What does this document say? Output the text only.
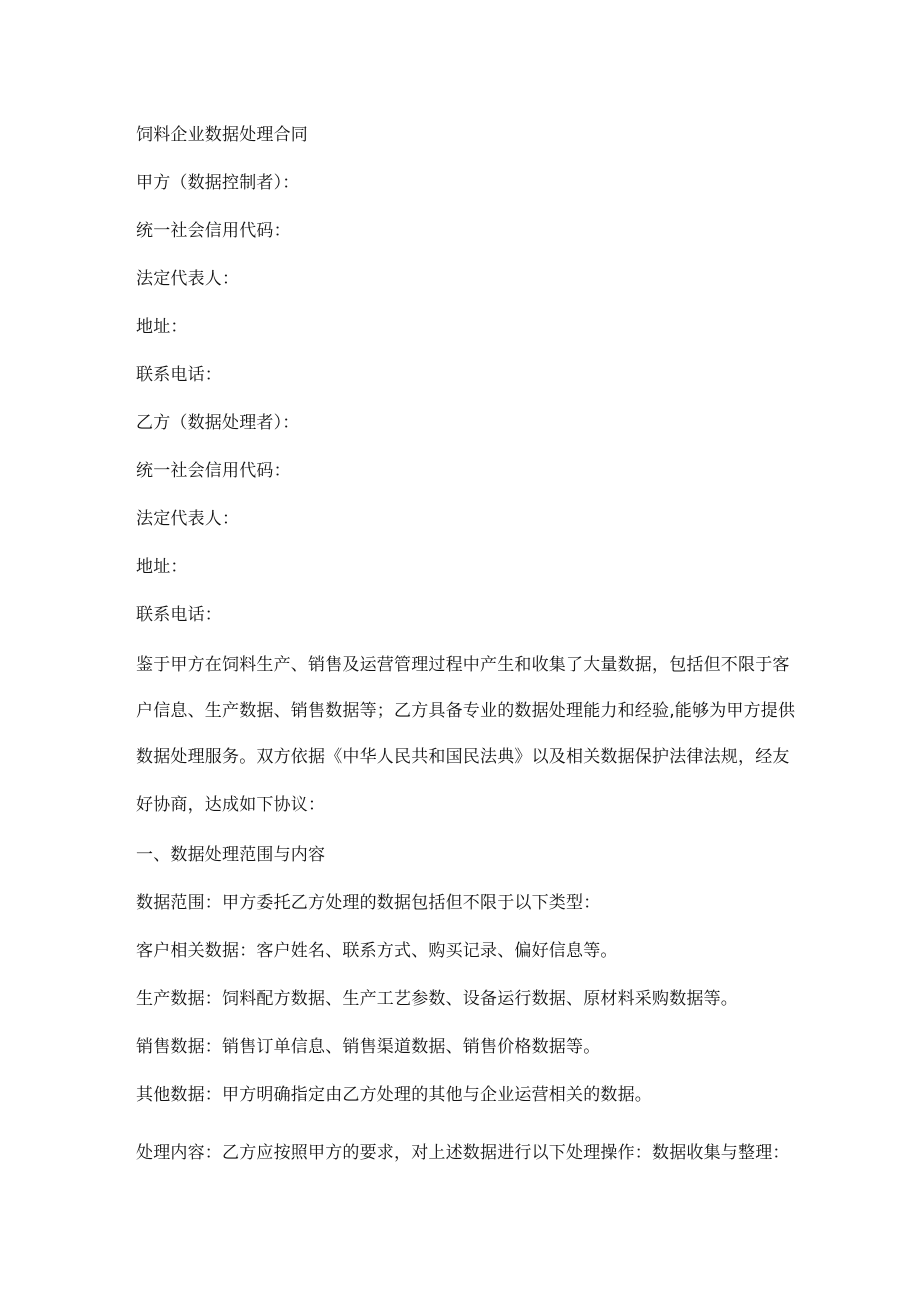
饲料企业数据处理合同
甲方（数据控制者）：
统一社会信用代码：
法定代表人：
地址：
联系电话：
乙方（数据处理者）：
统一社会信用代码：
法定代表人：
地址：
联系电话：
鉴于甲方在饲料生产、销售及运营管理过程中产生和收集了大量数据，包括但不限于客
户信息、生产数据、销售数据等；乙方具备专业的数据处理能力和经验,能够为甲方提供
数据处理服务。双方依据《中华人民共和国民法典》以及相关数据保护法律法规，经友
好协商，达成如下协议：
一、数据处理范围与内容
数据范围：甲方委托乙方处理的数据包括但不限于以下类型：
客户相关数据：客户姓名、联系方式、购买记录、偏好信息等。
生产数据：饲料配方数据、生产工艺参数、设备运行数据、原材料采购数据等。
销售数据：销售订单信息、销售渠道数据、销售价格数据等。
其他数据：甲方明确指定由乙方处理的其他与企业运营相关的数据。
处理内容：乙方应按照甲方的要求，对上述数据进行以下处理操作：数据收集与整理：
